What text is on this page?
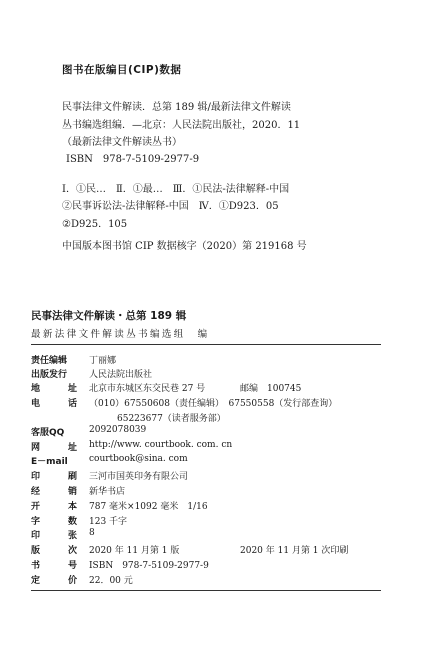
图书在版编目(CIP)数据
民事法律文件解读．总第 189 辑/最新法律文件解读
丛书编选组编．—北京：人民法院出版社，2020．11
（最新法律文件解读丛书）
ISBN　978-7-5109-2977-9
Ⅰ．①民…　Ⅱ．①最…　Ⅲ．①民法-法律解释-中国
②民事诉讼法-法律解释-中国　Ⅳ．①D923．05
②D925．105
中国版本图书馆 CIP 数据核字（2020）第 219168 号
民事法律文件解读・总第 189 辑
最新法律文件解读丛书编选组　编
责任编辑	丁丽娜
出版发行	人民法院出版社
地	址 北京市东城区东交民巷 27 号	邮编　100745
电	话 （010）67550608（责任编辑）　67550558（发行部查询）
65223677（读者服务部）
客服QQ	2092078039
网	址 http://www. courtbook. com. cn
E－mail	courtbook@sina. com
印	刷 三河市国英印务有限公司
经	销 新华书店
开	本 787 毫米×1092 毫米　1/16
字	数 123 千字
印	张 8
版	次 2020 年 11 月第 1 版	2020 年 11 月第 1 次印刷
书	号 ISBN　978-7-5109-2977-9
定	价 22．00 元
